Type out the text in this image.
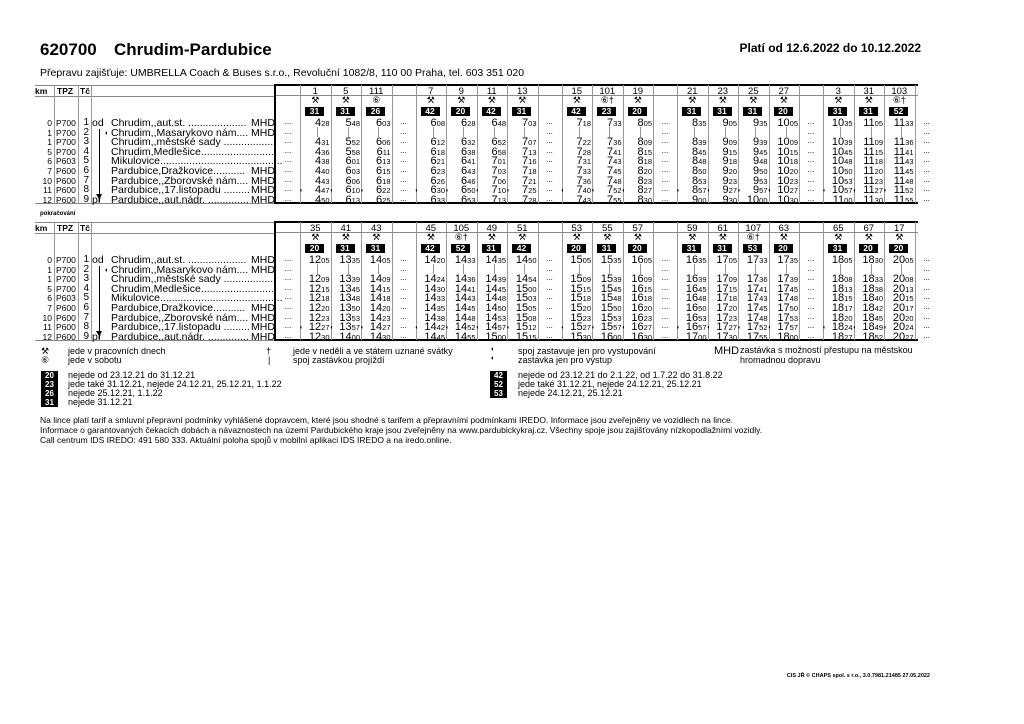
620700 Chrudim-Pardubice	Platí od 12.6.2022 do 10.12.2022
Přepravu zajišťuje: UMBRELLA Coach & Buses s.r.o., Revoluční 1082/8, 110 00 Praha, tel. 603 351 020
km TPZ Tč
0 P700 1 od Chrudim,,aut.st. .................... MHD
1 P700 2 ◖ Chrudim,,Masarykovo nám.... MHD
1 P700 3 Chrudim,,městské sady ..................
5 P700 4 Chrudim,Medlešice.........................
6 P603 5 Mikulovice..........................................
7 P600 6 Pardubice,Dražkovice........... MHD
10 P600 7 Pardubice,,Zborovské nám.... MHD
11 P600 8 Pardubice,,17.listopadu ......... MHD
12 P600 9 př Pardubice,,aut.nádr. .............. MHD
...
...
...
...
...
...
...
...
...
1
⚒
31
428
431
436
438
440
443
◖ 447
450
5
⚒
31
548
552
558
601
603
606
◖ 610
613
111
⑥
26
603
606
611
613
615
618
◖ 622
625
...
...
...
...
...
...
...
...
...
7
⚒
42
608
612
618
621
623
626
◖ 630
633
9
⚒
20
628
632
638
641
643
646
◖ 650
653
11
⚒
42
648
652
658
701
703
706
◖ 710
713
13
⚒
31
703
707
713
716
718
721
◖ 725
728
...
...
...
...
...
...
...
...
...
15
⚒
42
718
722
728
731
733
736
◖ 740
743
101
⑥†
23
733
736
741
743
745
748
◖ 752
755
19
⚒
20
805
809
815
818
820
823
◖ 827
830
...
...
...
...
...
...
...
...
...
21
⚒
31
835
839
845
848
850
853
◖ 857
900
23
⚒
31
905
909
915
918
920
923
◖ 927
930
25
⚒
31
935
939
945
948
950
953
◖ 957
1000
27
⚒
20
1005
1009
1015
1018
1020
1023
◖ 1027
1030
...
...
...
...
...
...
...
...
...
3
⚒
31
1035
1039
1045
1048
1050
1053
◖ 1057
1100
31
⚒
31
1105
1109
1115
1118
1120
1123
◖ 1127
1130
103
⑥†
52
1133
1136
1141
1143
1145
1148
◖ 1152
1155
...
...
...
...
...
...
...
...
...
pokračování
km TPZ Tč
0 P700 1 od Chrudim,,aut.st. .................... MHD
1 P700 2 ◖ Chrudim,,Masarykovo nám.... MHD
1 P700 3 Chrudim,,městské sady ..................
5 P700 4 Chrudim,Medlešice.........................
6 P603 5 Mikulovice..........................................
7 P600 6 Pardubice,Dražkovice........... MHD
10 P600 7 Pardubice,,Zborovské nám.... MHD
11 P600 8 Pardubice,,17.listopadu ......... MHD
12 P600 9 př Pardubice,,aut.nádr. .............. MHD
...
...
...
...
...
...
...
...
...
35
⚒
20
1205
1209
1215
1218
1220
1223
◖ 1227
1230
41
⚒
31
1335
1339
1345
1348
1350
1353
◖ 1357
1400
43
⚒
31
1405
1409
1415
1418
1420
1423
◖ 1427
1430
...
...
...
...
...
...
...
...
...
45
⚒
42
1420
1424
1430
1433
1435
1438
◖ 1442
1445
105
⑥†
52
1433
1436
1441
1443
1445
1448
◖ 1452
1455
49
⚒
31
1435
1439
1445
1448
1450
1453
◖ 1457
1500
51
⚒
42
1450
1454
1500
1503
1505
1508
◖ 1512
1515
...
...
...
...
...
...
...
...
...
53
⚒
20
1505
1509
1515
1518
1520
1523
◖ 1527
1530
55
⚒
31
1535
1539
1545
1548
1550
1553
◖ 1557
1600
57
⚒
20
1605
1609
1615
1618
1620
1623
◖ 1627
1630
...
...
...
...
...
...
...
...
...
59
⚒
31
1635
1639
1645
1648
1650
1653
◖ 1657
1700
61
⚒
31
1705
1709
1715
1718
1720
1723
◖ 1727
1730
107
⑥†
53
1733
1736
1741
1743
1745
1748
◖ 1752
1755
63
⚒
20
1735
1739
1745
1748
1750
1753
◖ 1757
1800
...
...
...
...
...
...
...
...
...
65
⚒
31
1805
1808
1813
1815
1817
1820
◖ 1824
1827
67
⚒
20
1830
1833
1838
1840
1842
1845
◖ 1849
1852
17
⚒
20
2005
2008
2013
2015
2017
2020
◖ 2024
2027
...
...
...
...
...
...
...
...
...
⚒ jede v pracovních dnech
⑥ jede v sobotu
† jede v neděli a ve státem uznané svátky
|	spoj zastávkou projíždí
◖	spoj zastavuje jen pro vystupování
◖	zastávka jen pro výstup
MHD zastávka s možností přestupu na městskou hromadnou dopravu
20	nejede od 23.12.21 do 31.12.21
23	jede také 31.12.21, nejede 24.12.21, 25.12.21, 1.1.22
26	nejede 25.12.21, 1.1.22
31	nejede 31.12.21
42	nejede od 23.12.21 do 2.1.22, od 1.7.22 do 31.8.22
52	jede také 31.12.21, nejede 24.12.21, 25.12.21
53	nejede 24.12.21, 25.12.21
Na lince platí tarif a smluvní přepravní podmínky vyhlášené dopravcem, které jsou shodné s tarifem a přepravními podmínkami IREDO. Informace jsou zveřejněny ve vozidlech na lince.
Informace o garantovaných čekacích dobách a návaznostech na území Pardubického kraje jsou zveřejněny na www.pardubickykraj.cz. Všechny spoje jsou zajišťovány nízkopodlažními vozidly.
Call centrum IDS IREDO: 491 580 333. Aktuální poloha spojů v mobilní aplikaci IDS IREDO a na iredo.online.
CIS JŘ © CHAPS spol. s r.o., 3.0.7981.21485 27.05.2022
